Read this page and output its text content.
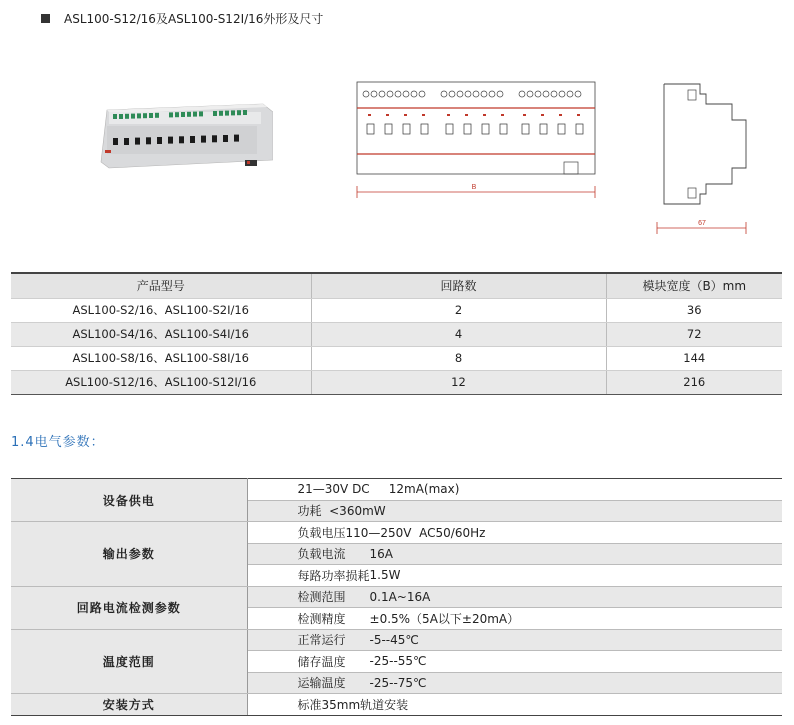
ASL100-S12/16及ASL100-S12I/16外形及尺寸
B
67
产品型号	回路数	模块宽度（B）mm
ASL100-S2/16、ASL100-S2I/16	2	36
ASL100-S4/16、ASL100-S4I/16	4	72
ASL100-S8/16、ASL100-S8I/16	8	144
ASL100-S12/16、ASL100-S12I/16	12	216
1.4电气参数：
设备供电	21—30V DC     12mA(max)	
	功耗  <360mW	
输出参数	负载电压110—250V  AC50/60Hz	
	负载电流	16A
	每路功率损耗	1.5W
回路电流检测参数	检测范围	0.1A~16A
	检测精度	±0.5%（5A以下±20mA）
温度范围	正常运行	-5--45℃
	储存温度	-25--55℃
	运输温度	-25--75℃
安装方式	标准35mm轨道安装	
